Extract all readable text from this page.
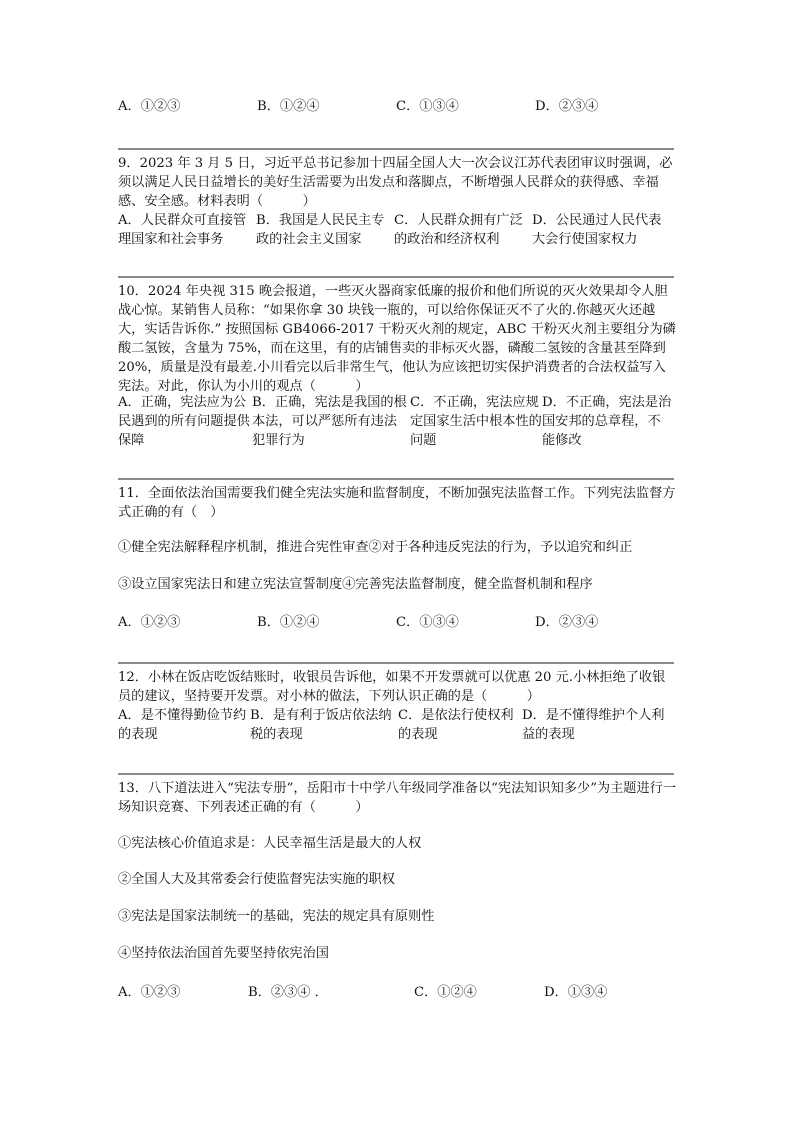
A．①②③	B．①②④	C．①③④	D．②③④
9．2023 年 3 月 5 日，习近平总书记参加十四届全国人大一次会议江苏代表团审议时强调，必须以满足人民日益增长的美好生活需要为出发点和落脚点，不断增强人民群众的获得感、幸福感、安全感。材料表明（　　　）
A．人民群众可直接管理国家和社会事务
B．我国是人民民主专政的社会主义国家
C．人民群众拥有广泛的政治和经济权利
D．公民通过人民代表大会行使国家权力
10．2024 年央视 315 晚会报道，一些灭火器商家低廉的报价和他们所说的灭火效果却令人胆战心惊。某销售人员称：“如果你拿 30 块钱一瓶的，可以给你保证灭不了火的.你越灭火还越大，实话告诉你.” 按照国标 GB4066-2017 干粉灭火剂的规定，ABC 干粉灭火剂主要组分为磷酸二氢铵，含量为 75%，而在这里，有的店铺售卖的非标灭火器，磷酸二氢铵的含量甚至降到 20%，质量是没有最差.小川看完以后非常生气，他认为应该把切实保护消费者的合法权益写入宪法。对此，你认为小川的观点（　　　）
A．正确，宪法应为公民遇到的所有问题提供保障
B．正确，宪法是我国的根本法，可以严惩所有违法犯罪行为
C．不正确，宪法应规定国家生活中根本性的问题
D．不正确，宪法是治国安邦的总章程，不能修改
11．全面依法治国需要我们健全宪法实施和监督制度，不断加强宪法监督工作。下列宪法监督方式正确的有（　）
①健全宪法解释程序机制，推进合宪性审查②对于各种违反宪法的行为，予以追究和纠正
③设立国家宪法日和建立宪法宣誓制度④完善宪法监督制度，健全监督机制和程序
A．①②③	B．①②④	C．①③④	D．②③④
12．小林在饭店吃饭结账时，收银员告诉他，如果不开发票就可以优惠 20 元.小林拒绝了收银员的建议，坚持要开发票。对小林的做法，下列认识正确的是（　　　）
A．是不懂得勤俭节约的表现
B．是有利于饭店依法纳税的表现
C．是依法行使权利的表现
D．是不懂得维护个人利益的表现
13．八下道法进入“宪法专册”，岳阳市十中学八年级同学准备以“宪法知识知多少”为主题进行一场知识竞赛、下列表述正确的有（　　　）
①宪法核心价值追求是：人民幸福生活是最大的人权
②全国人大及其常委会行使监督宪法实施的职权
③宪法是国家法制统一的基础，宪法的规定具有原则性
④坚持依法治国首先要坚持依宪治国
A．①②③	B．②③④ ．	C．①②④	D．①③④
